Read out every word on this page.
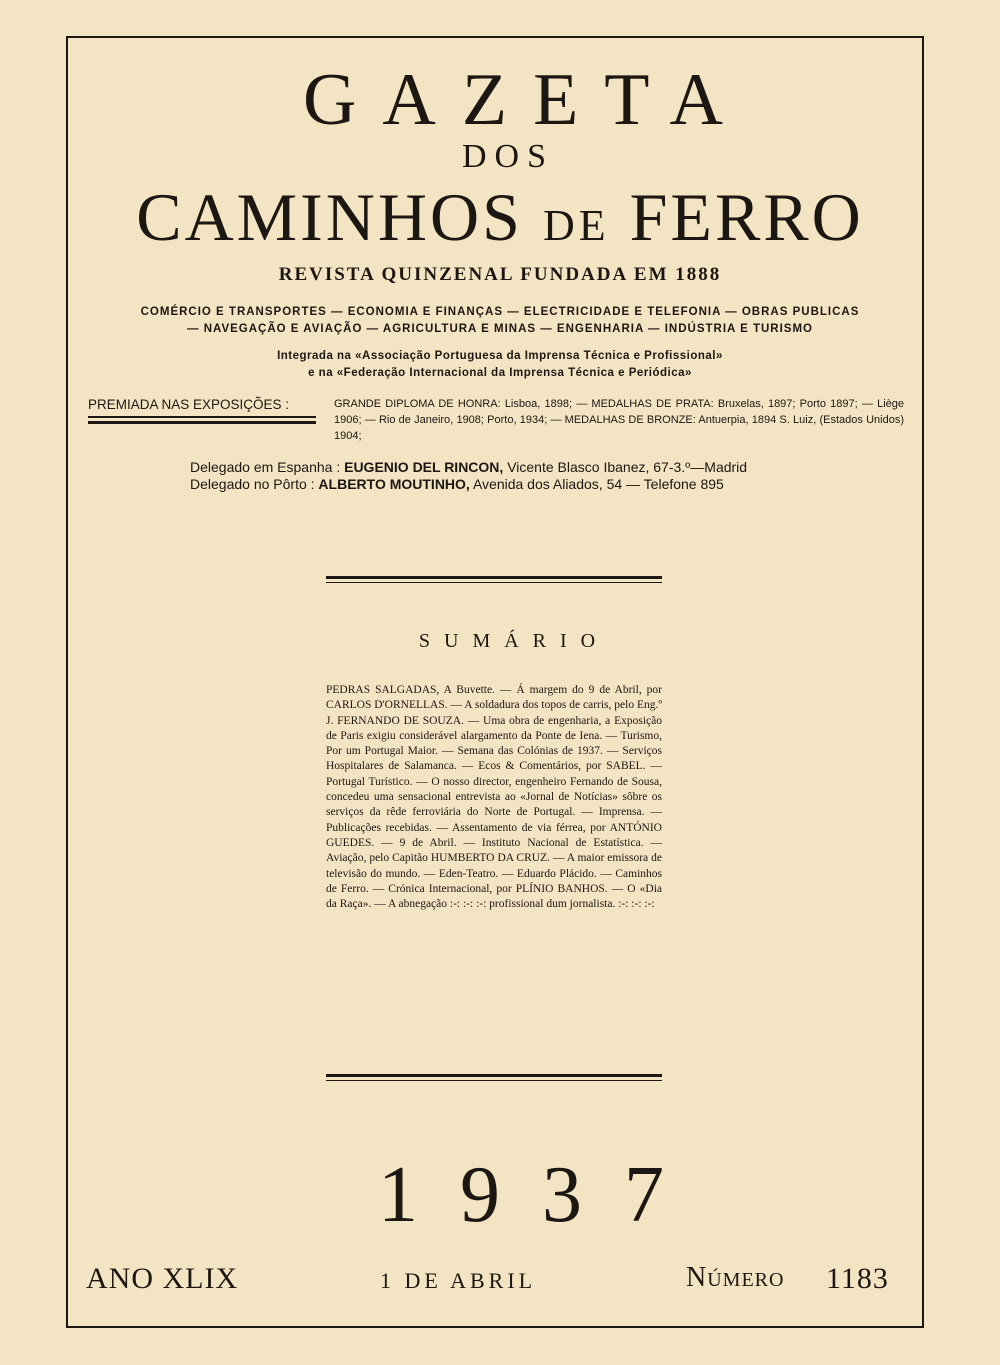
GAZETA
DOS
CAMINHOS DE FERRO
REVISTA QUINZENAL FUNDADA EM 1888
COMÉRCIO E TRANSPORTES — ECONOMIA E FINANÇAS — ELECTRICIDADE E TELEFONIA — OBRAS PUBLICAS
— NAVEGAÇÃO E AVIAÇÃO — AGRICULTURA E MINAS — ENGENHARIA — INDÚSTRIA E TURISMO
Integrada na «Associação Portuguesa da Imprensa Técnica e Profissional»
e na «Federação Internacional da Imprensa Técnica e Periódica»
PREMIADA NAS EXPOSIÇÕES :	GRANDE DIPLOMA DE HONRA: Lisboa, 1898; — MEDALHAS DE PRATA: Bruxelas, 1897; Porto 1897; — Liège 1906; — Rio de Janeiro, 1908; Porto, 1934; — MEDALHAS DE BRONZE: Antuerpia, 1894 S. Luiz, (Estados Unidos) 1904;
Delegado em Espanha : EUGENIO DEL RINCON, Vicente Blasco Ibanez, 67-3.º—Madrid
Delegado no Pôrto : ALBERTO MOUTINHO, Avenida dos Aliados, 54 — Telefone 895
SUMÁRIO
PEDRAS SALGADAS, A Buvette. — Á margem do 9 de Abril, por CARLOS D'ORNELLAS. — A soldadura dos topos de carris, pelo Eng.º J. FERNANDO DE SOUZA. — Uma obra de engenharia, a Exposição de Paris exigiu considerável alargamento da Ponte de Iena. — Turismo, Por um Portugal Maior. — Semana das Colónias de 1937. — Serviços Hospitalares de Salamanca. — Ecos & Comentários, por SABEL. — Portugal Turístico. — O nosso director, engenheiro Fernando de Sousa, concedeu uma sensacional entrevista ao «Jornal de Notícias» sôbre os serviços da rêde ferroviária do Norte de Portugal. — Imprensa. — Publicações recebidas. — Assentamento de via férrea, por ANTÓNIO GUEDES. — 9 de Abril. — Instituto Nacional de Estatística. — Aviação, pelo Capitão HUMBERTO DA CRUZ. — A maior emissora de televisão do mundo. — Eden-Teatro. — Eduardo Plácido. — Caminhos de Ferro. — Crónica Internacional, por PLÍNIO BANHOS. — O «Dia da Raça». — A abnegação :-: :-: :-: profissional dum jornalista. :-: :-: :-:
1937
ANO XLIX	1 DE ABRIL	Número 1183
